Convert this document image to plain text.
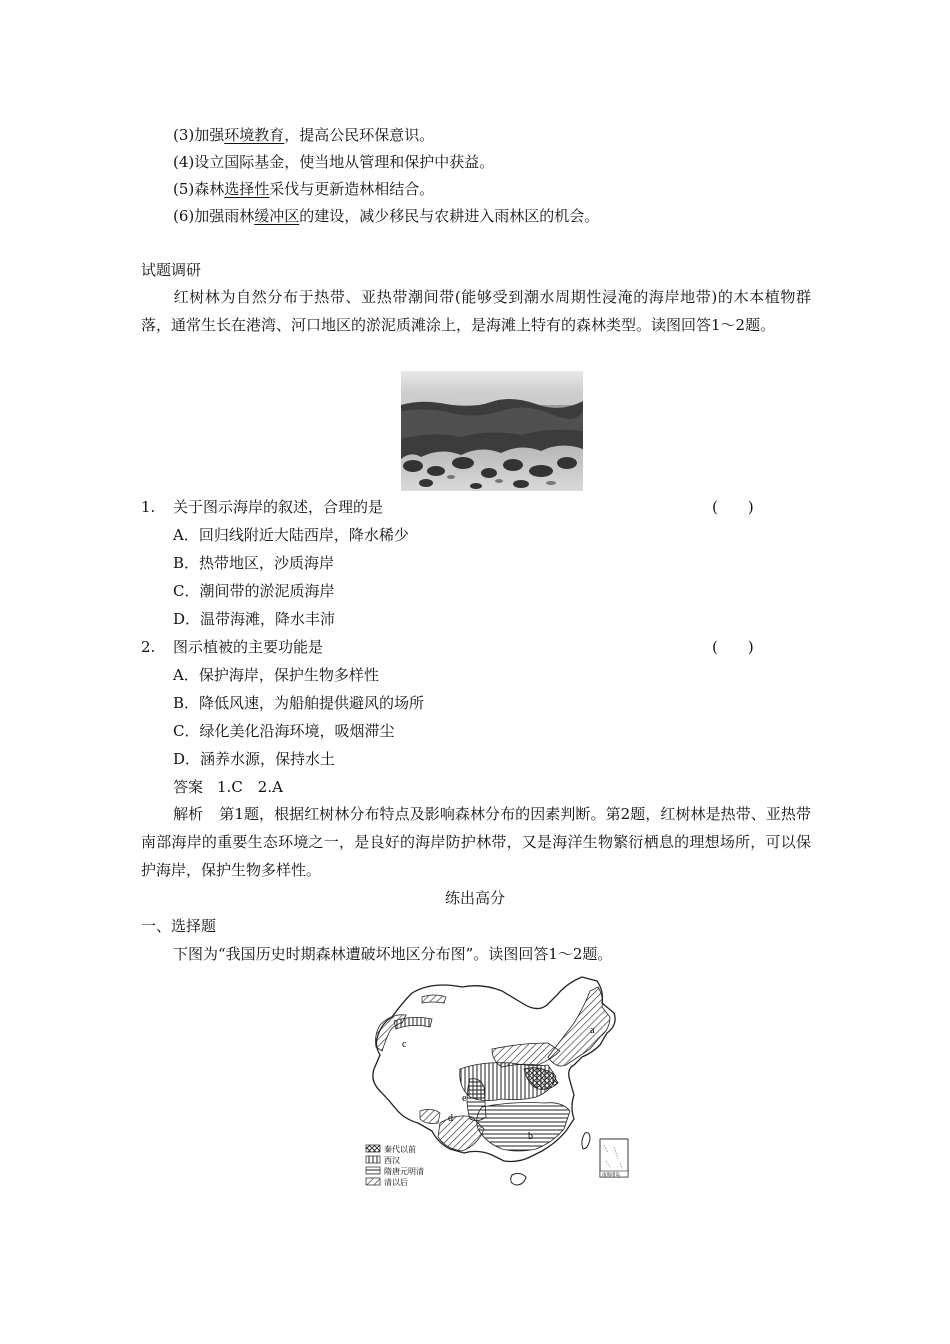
(3)加强环境教育，提高公民环保意识。
(4)设立国际基金，使当地从管理和保护中获益。
(5)森林选择性采伐与更新造林相结合。
(6)加强雨林缓冲区的建设，减少移民与农耕进入雨林区的机会。
试题调研
红树林为自然分布于热带、亚热带潮间带(能够受到潮水周期性浸淹的海岸地带)的木本植物群落，通常生长在港湾、河口地区的淤泥质滩涂上，是海滩上特有的森林类型。读图回答1～2题。
1. 关于图示海岸的叙述，合理的是	(　　)
A．回归线附近大陆西岸，降水稀少
B．热带地区，沙质海岸
C．潮间带的淤泥质海岸
D．温带海滩，降水丰沛
2. 图示植被的主要功能是	(　　)
A．保护海岸，保护生物多样性
B．降低风速，为船舶提供避风的场所
C．绿化美化沿海环境，吸烟滞尘
D．涵养水源，保持水土
答案 1.C　2.A
解析 第1题，根据红树林分布特点及影响森林分布的因素判断。第2题，红树林是热带、亚热带南部海岸的重要生态环境之一，是良好的海岸防护林带，又是海洋生物繁衍栖息的理想场所，可以保护海岸，保护生物多样性。
练出高分
一、选择题
下图为“我国历史时期森林遭破坏地区分布图”。读图回答1～2题。
a
b
c
d
e
秦代以前
西汉
隋唐元明清
清以后
南海诸岛
